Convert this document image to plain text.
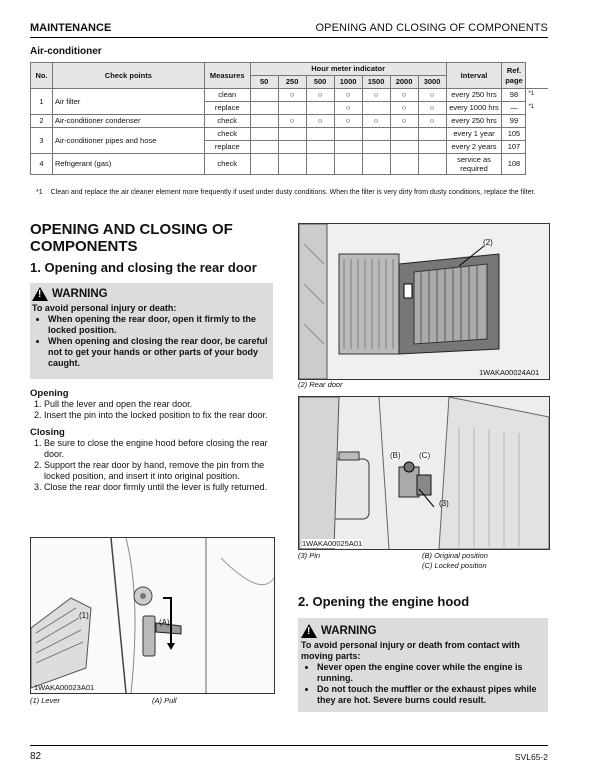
MAINTENANCE	OPENING AND CLOSING OF COMPONENTS
Air-conditioner
No.	Check points	Measures	Hour meter indicator							Interval	Ref. page	
			50	250	500	1000	1500	2000	3000			
1	Air filter	clean		○	○	○	○	○	○	every 250 hrs	98	*1
		replace				○		○	○	every 1000 hrs	—	*1
2	Air-conditioner condenser	check		○	○	○	○	○	○	every 250 hrs	99	
3	Air-conditioner pipes and hose	check								every 1 year	105	
		replace								every 2 years	107	
4	Refrigerant (gas)	check								service as required	108	
*1 Clean and replace the air cleaner element more frequently if used under dusty conditions. When the filter is very dirty from dusty conditions, replace the filter.
OPENING AND CLOSING OF COMPONENTS
1. Opening and closing the rear door
! WARNING

To avoid personal injury or death:

• When opening the rear door, open it firmly to the locked position.
• When opening and closing the rear door, be careful not to get your hands or other parts of your body caught.
Opening
1. Pull the lever and open the rear door.
2. Insert the pin into the locked position to fix the rear door.
Closing
1. Be sure to close the engine hood before closing the rear door.
2. Support the rear door by hand, remove the pin from the locked position, and insert it into original position.
3. Close the rear door firmly until the lever is fully returned.
(1)
(A)
1WAKA00023A01
(1) Lever	(A) Pull
(2)
1WAKA00024A01
(2) Rear door
(B) (C)
(3)
1WAKA00025A01
(3) Pin	(B) Original position
(C) Locked position
2. Opening the engine hood
! WARNING

To avoid personal injury or death from contact with moving parts:

• Never open the engine cover while the engine is running.
• Do not touch the muffler or the exhaust pipes while they are hot. Severe burns could result.
82	SVL65-2
